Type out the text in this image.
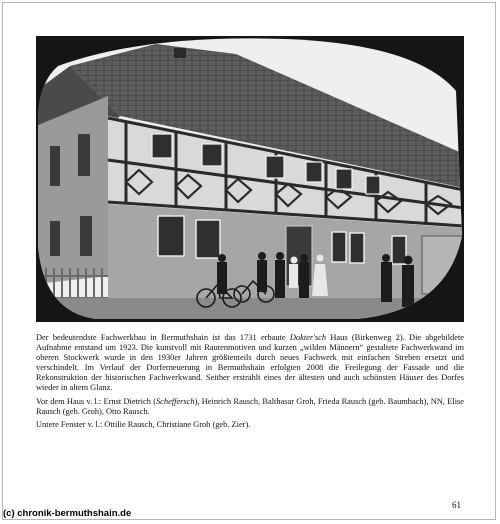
Der bedeutendste Fachwerkbau in Bermuthshain ist das 1731 erbaute Dokter'sch Haus (Birkenweg 2). Die abgebildete Aufnahme entstand um 1923. Die kunstvoll mit Rautenmotiven und kurzen „wilden Männern“ gestaltete Fachwerkwand im oberen Stockwerk wurde in den 1930er Jahren größtenteils durch neues Fachwerk mit einfachen Streben ersetzt und verschindelt. Im Verlauf der Dorferneuerung in Bermuthshain erfolgten 2008 die Freilegung der Fassade und die Rekonstruktion der historischen Fachwerkwand. Seither erstrahlt eines der ältesten und auch schönsten Häuser des Dorfes wieder in altem Glanz.

Vor dem Haus v. l.: Ernst Dietrich (Scheffersch), Heinrich Rausch, Balthasar Groh, Frieda Rausch (geb. Baumbach), NN, Elise Rausch (geb. Groh), Otto Rausch.

Untere Fenster v. l.: Ottilie Rausch, Christiane Groh (geb. Zier).

61
(c) chronik-bermuthshain.de
